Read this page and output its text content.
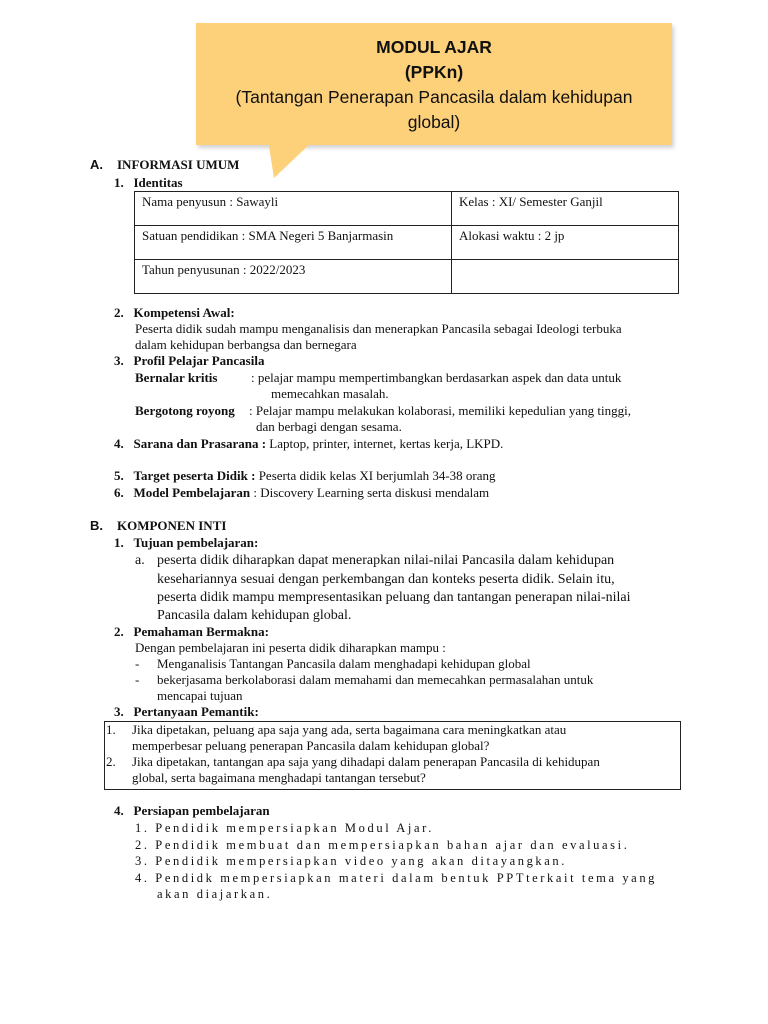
MODUL AJAR
(PPKn)
(Tantangan Penerapan Pancasila dalam kehidupan
global)
A. INFORMASI UMUM
1. Identitas
Nama penyusun : Sawayli	Kelas : XI/ Semester Ganjil
Satuan pendidikan : SMA Negeri 5 Banjarmasin	Alokasi waktu : 2 jp
Tahun penyusunan : 2022/2023	
2. Kompetensi Awal:
Peserta didik sudah mampu menganalisis dan menerapkan Pancasila sebagai Ideologi terbuka
dalam kehidupan berbangsa dan bernegara
3. Profil Pelajar Pancasila
Bernalar kritis	: pelajar mampu mempertimbangkan berdasarkan aspek dan data untuk
memecahkan masalah.
Bergotong royong : Pelajar mampu melakukan kolaborasi, memiliki kepedulian yang tinggi,
dan berbagi dengan sesama.
4. Sarana dan Prasarana : Laptop, printer, internet, kertas kerja, LKPD.
5. Target peserta Didik : Peserta didik kelas XI berjumlah 34-38 orang
6. Model Pembelajaran : Discovery Learning serta diskusi mendalam
B. KOMPONEN INTI
1. Tujuan pembelajaran:
a. peserta didik diharapkan dapat menerapkan nilai-nilai Pancasila dalam kehidupan
kesehariannya sesuai dengan perkembangan dan konteks peserta didik. Selain itu,
peserta didik mampu mempresentasikan peluang dan tantangan penerapan nilai-nilai
Pancasila dalam kehidupan global.
2. Pemahaman Bermakna:
Dengan pembelajaran ini peserta didik diharapkan mampu :
- Menganalisis Tantangan Pancasila dalam menghadapi kehidupan global
- bekerjasama berkolaborasi dalam memahami dan memecahkan permasalahan untuk
mencapai tujuan
3. Pertanyaan Pemantik:
1. Jika dipetakan, peluang apa saja yang ada, serta bagaimana cara meningkatkan atau
memperbesar peluang penerapan Pancasila dalam kehidupan global?
2. Jika dipetakan, tantangan apa saja yang dihadapi dalam penerapan Pancasila di kehidupan
global, serta bagaimana menghadapi tantangan tersebut?
4. Persiapan pembelajaran
1. Pendidik mempersiapkan Modul Ajar.
2. Pendidik membuat dan mempersiapkan bahan ajar dan evaluasi.
3. Pendidik mempersiapkan video yang akan ditayangkan.
4. Pendidk mempersiapkan materi dalam bentuk PPTterkait tema yang
akan diajarkan.
